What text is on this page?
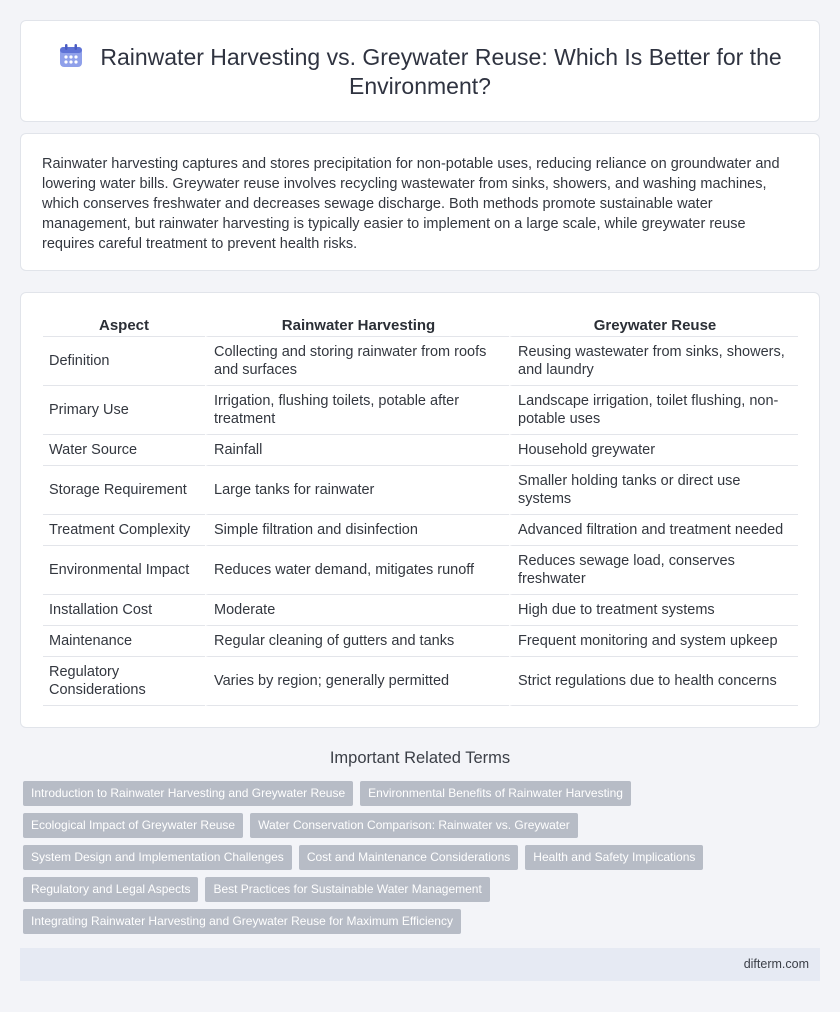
Rainwater Harvesting vs. Greywater Reuse: Which Is Better for the Environment?

Rainwater harvesting captures and stores precipitation for non-potable uses, reducing reliance on groundwater and lowering water bills. Greywater reuse involves recycling wastewater from sinks, showers, and washing machines, which conserves freshwater and decreases sewage discharge. Both methods promote sustainable water management, but rainwater harvesting is typically easier to implement on a large scale, while greywater reuse requires careful treatment to prevent health risks.

Aspect	Rainwater Harvesting	Greywater Reuse
Definition	Collecting and storing rainwater from roofs and surfaces	Reusing wastewater from sinks, showers, and laundry
Primary Use	Irrigation, flushing toilets, potable after treatment	Landscape irrigation, toilet flushing, non-potable uses
Water Source	Rainfall	Household greywater
Storage Requirement	Large tanks for rainwater	Smaller holding tanks or direct use systems
Treatment Complexity	Simple filtration and disinfection	Advanced filtration and treatment needed
Environmental Impact	Reduces water demand, mitigates runoff	Reduces sewage load, conserves freshwater
Installation Cost	Moderate	High due to treatment systems
Maintenance	Regular cleaning of gutters and tanks	Frequent monitoring and system upkeep
Regulatory Considerations	Varies by region; generally permitted	Strict regulations due to health concerns
Important Related Terms
Introduction to Rainwater Harvesting and Greywater Reuse	Environmental Benefits of Rainwater Harvesting
Ecological Impact of Greywater Reuse	Water Conservation Comparison: Rainwater vs. Greywater
System Design and Implementation Challenges	Cost and Maintenance Considerations	Health and Safety Implications
Regulatory and Legal Aspects	Best Practices for Sustainable Water Management
Integrating Rainwater Harvesting and Greywater Reuse for Maximum Efficiency
difterm.com
